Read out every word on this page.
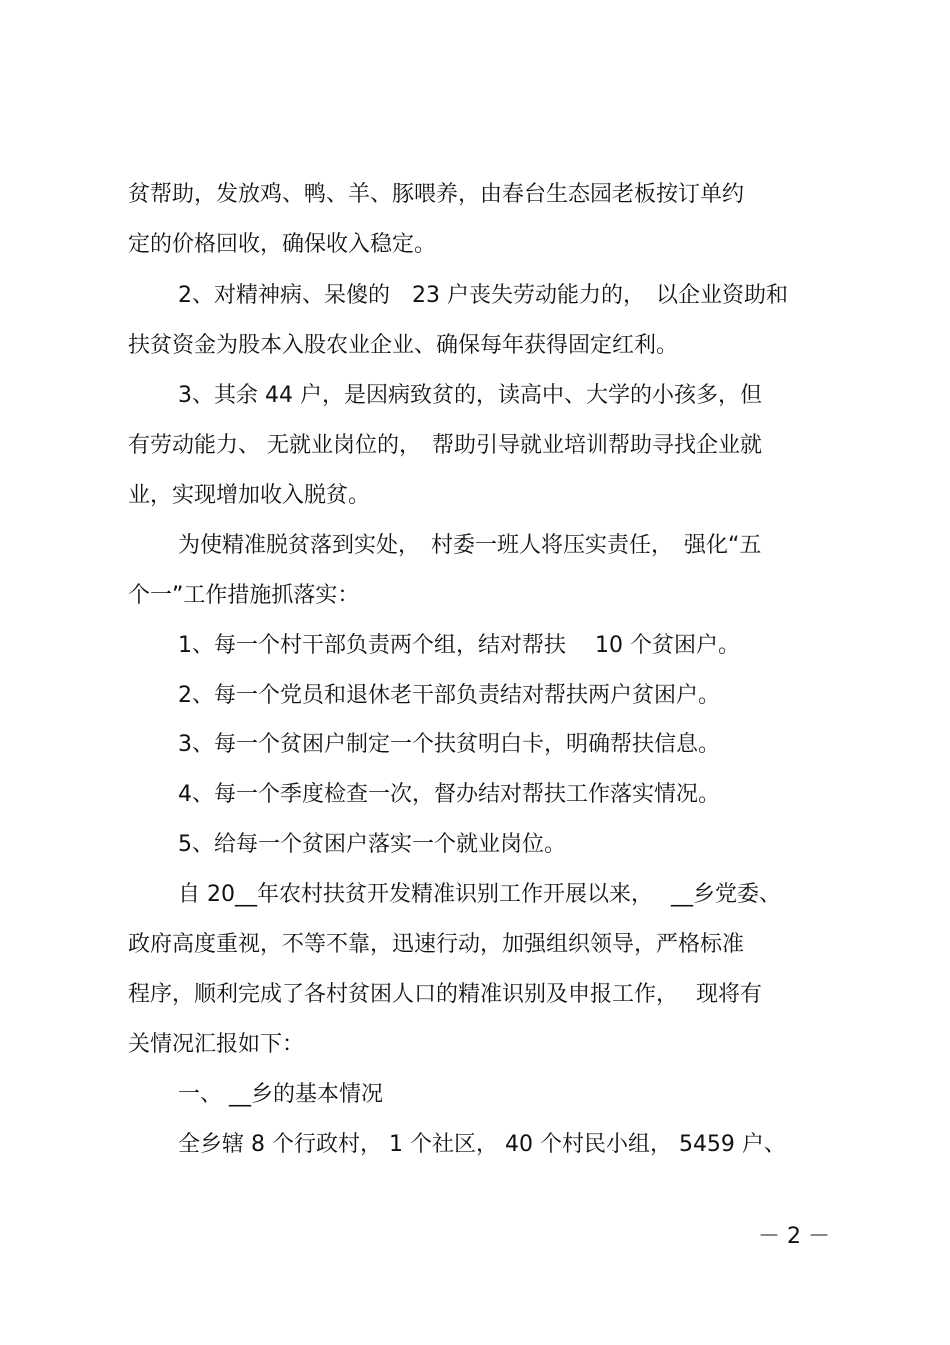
贫帮助，发放鸡、鸭、羊、豚喂养，由春台生态园老板按订单约
定的价格回收，确保收入稳定。
2、对精神病、呆傻的　23 户丧失劳动能力的，　以企业资助和
扶贫资金为股本入股农业企业、确保每年获得固定红利。
3、其余 44 户，是因病致贫的，读高中、大学的小孩多，但
有劳动能力、 无就业岗位的，　帮助引导就业培训帮助寻找企业就
业，实现增加收入脱贫。
为使精准脱贫落到实处，　村委一班人将压实责任，　强化“五
个一”工作措施抓落实：
1、每一个村干部负责两个组，结对帮扶　 10 个贫困户。
2、每一个党员和退休老干部负责结对帮扶两户贫困户。
3、每一个贫困户制定一个扶贫明白卡，明确帮扶信息。
4、每一个季度检查一次，督办结对帮扶工作落实情况。
5、给每一个贫困户落实一个就业岗位。
自 20__年农村扶贫开发精准识别工作开展以来，　 __乡党委、
政府高度重视，不等不靠，迅速行动，加强组织领导，严格标准
程序，顺利完成了各村贫困人口的精准识别及申报工作，　 现将有
关情况汇报如下：
一、 __乡的基本情况
全乡辖 8 个行政村， 1 个社区， 40 个村民小组， 5459 户、
－ 2 －
